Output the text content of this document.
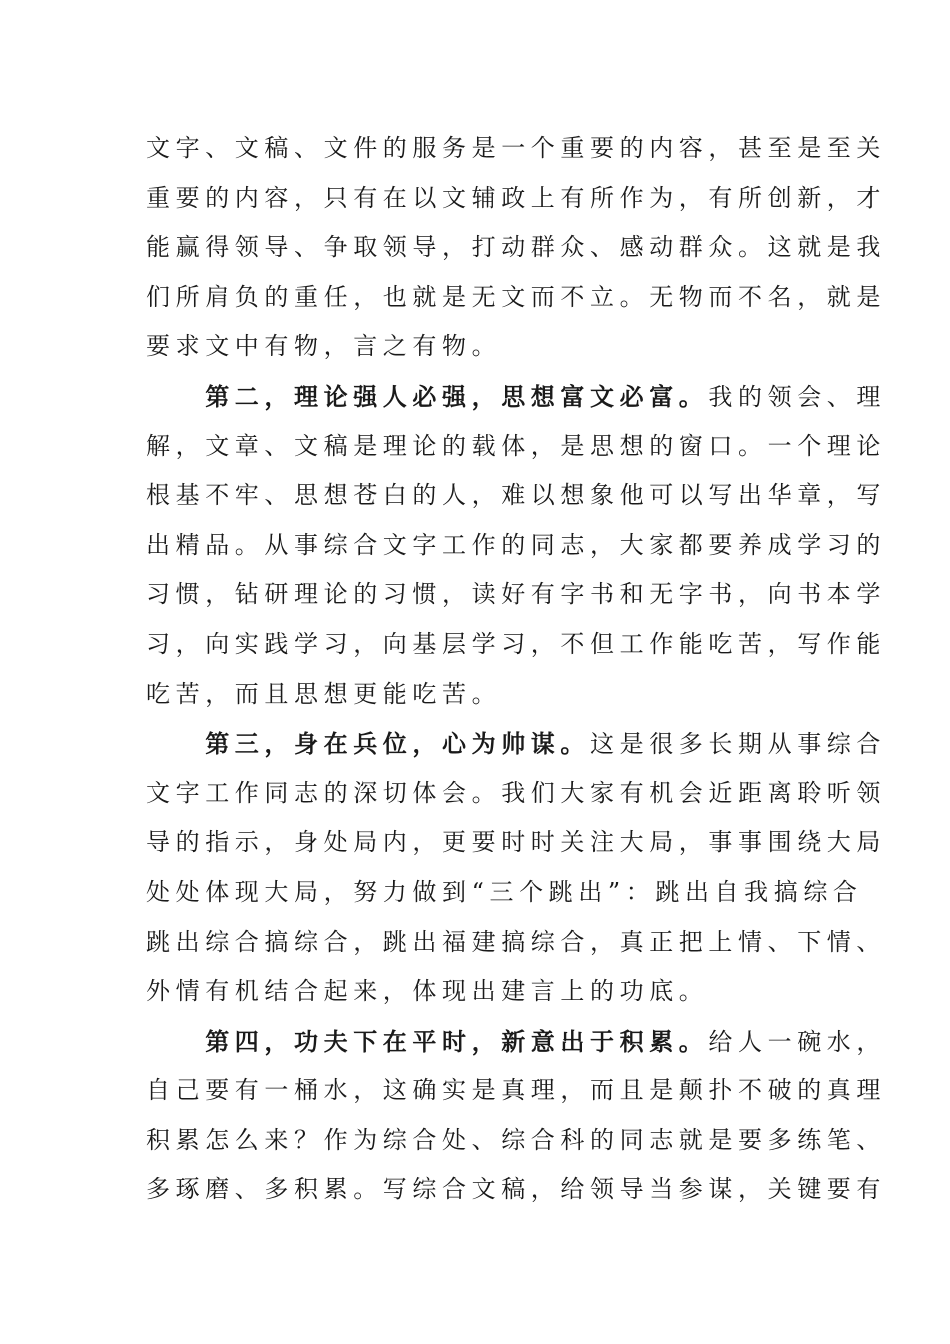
文字、文稿、文件的服务是一个重要的内容，甚至是至关
重要的内容，只有在以文辅政上有所作为，有所创新，才
能赢得领导、争取领导，打动群众、感动群众。这就是我
们所肩负的重任，也就是无文而不立。无物而不名，就是
要求文中有物，言之有物。
　　第二，理论强人必强，思想富文必富。我的领会、理
解，文章、文稿是理论的载体，是思想的窗口。一个理论
根基不牢、思想苍白的人，难以想象他可以写出华章，写
出精品。从事综合文字工作的同志，大家都要养成学习的
习惯，钻研理论的习惯，读好有字书和无字书，向书本学
习，向实践学习，向基层学习，不但工作能吃苦，写作能
吃苦，而且思想更能吃苦。
　　第三，身在兵位，心为帅谋。这是很多长期从事综合
文字工作同志的深切体会。我们大家有机会近距离聆听领
导的指示，身处局内，更要时时关注大局，事事围绕大局
处处体现大局，努力做到“三个跳出”：跳出自我搞综合
跳出综合搞综合，跳出福建搞综合，真正把上情、下情、
外情有机结合起来，体现出建言上的功底。
　　第四，功夫下在平时，新意出于积累。给人一碗水，
自己要有一桶水，这确实是真理，而且是颠扑不破的真理
积累怎么来？作为综合处、综合科的同志就是要多练笔、
多琢磨、多积累。写综合文稿，给领导当参谋，关键要有
